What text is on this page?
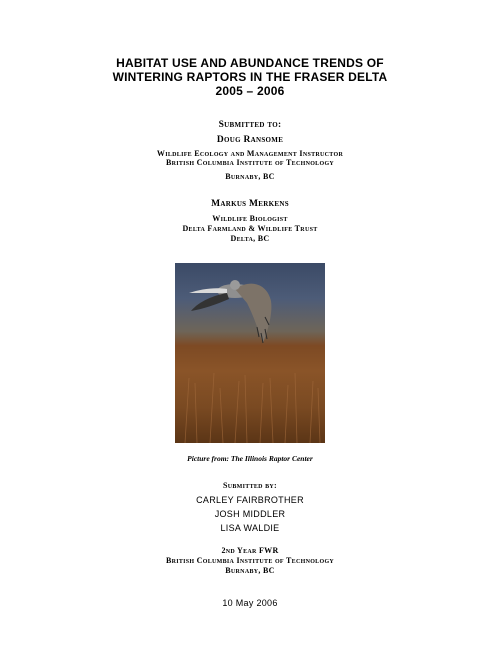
HABITAT USE AND ABUNDANCE TRENDS OF
WINTERING RAPTORS IN THE FRASER DELTA
2005 – 2006
Submitted to:
Doug Ransome
Wildlife Ecology and Management Instructor
British Columbia Institute of Technology
Burnaby, BC
Markus Merkens
Wildlife Biologist
Delta Farmland & Wildlife Trust
Delta, BC
Picture from: The Illinois Raptor Center
Submitted by:
CARLEY FAIRBROTHER
JOSH MIDDLER
LISA WALDIE
2nd Year FWR
British Columbia Institute of Technology
Burnaby, BC
10 May 2006
